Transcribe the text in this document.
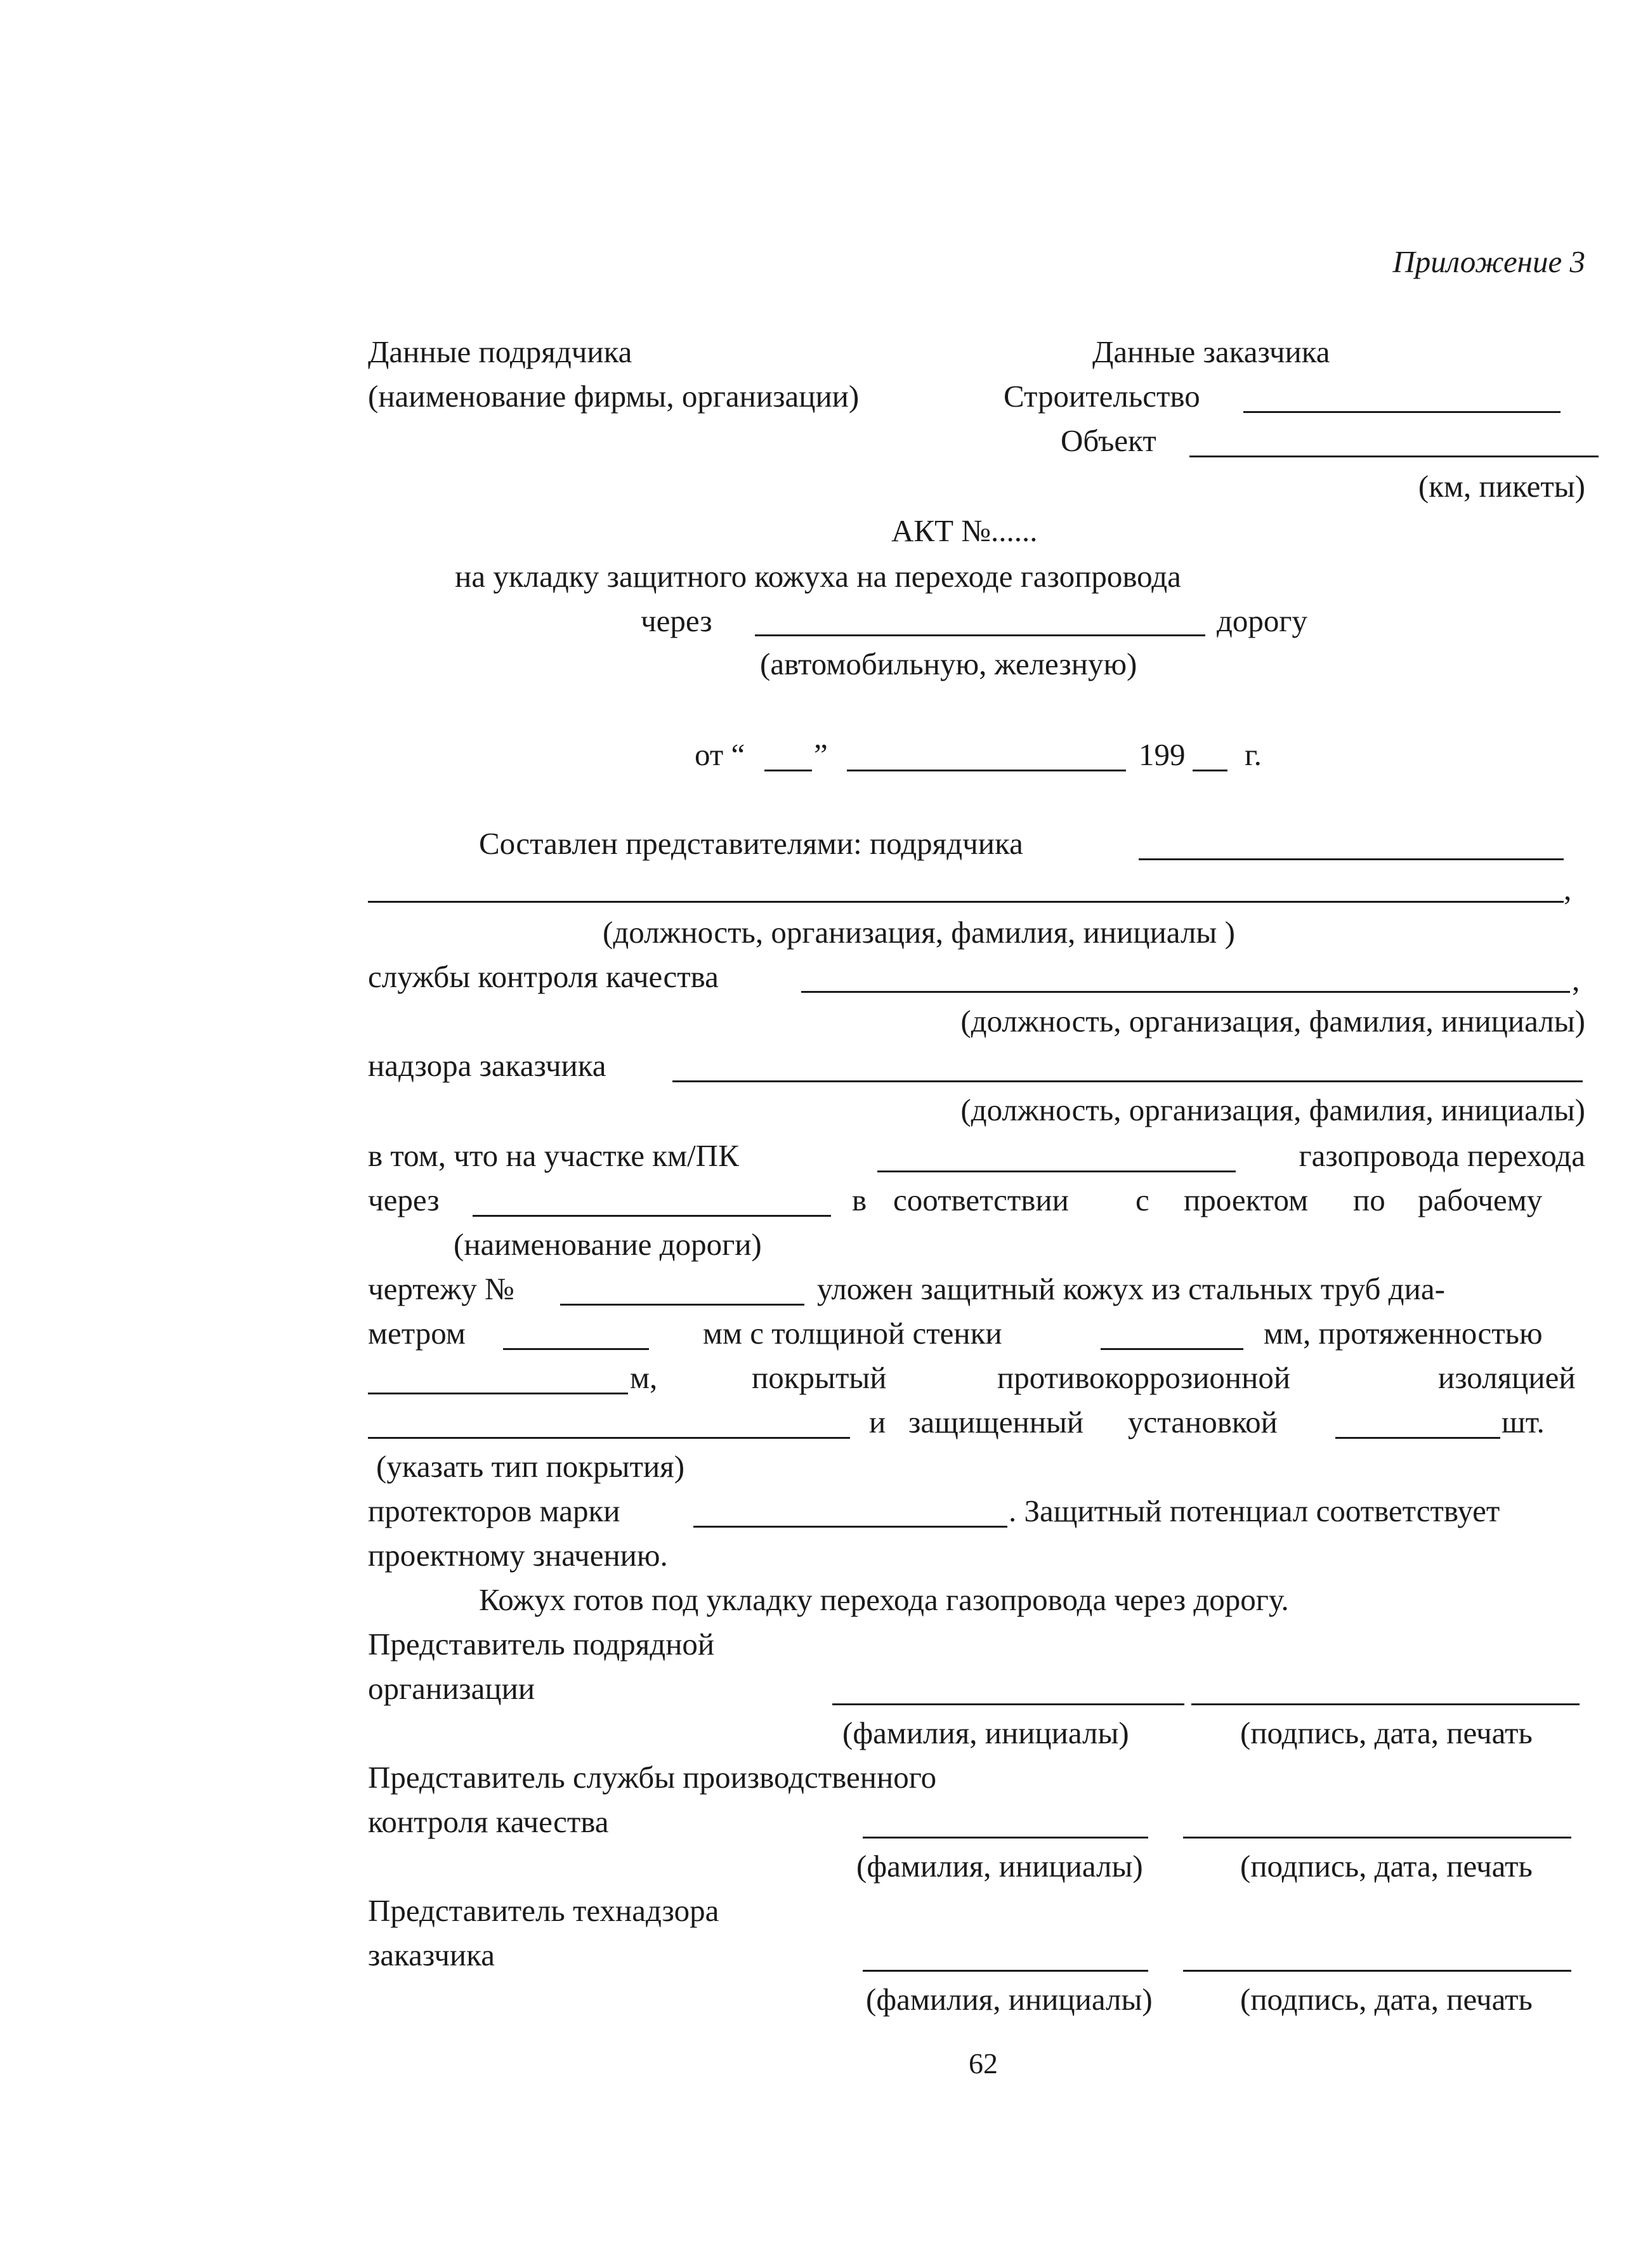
Приложение 3
Данные подрядчика
(наименование фирмы, организации)
Данные заказчика
Строительство
Объект
(км, пикеты)
АКТ №......
на укладку защитного кожуха на переходе газопровода
через	дорогу
(автомобильную, железную)
от “ ”	199 г.
Составлен представителями: подрядчика
,
(должность, организация, фамилия, инициалы )
службы контроля качества	,
(должность, организация, фамилия, инициалы)
надзора заказчика
(должность, организация, фамилия, инициалы)
в том, что на участке км/ПК	газопровода перехода
через	в соответствии с проектом по рабочему
(наименование дороги)
чертежу №	уложен защитный кожух из стальных труб диа-
метром	мм с толщиной стенки	мм, протяженностью
м,	покрытый	противокоррозионной	изоляцией
и защищенный установкой	шт.
(указать тип покрытия)
протекторов марки	. Защитный потенциал соответствует
проектному значению.
Кожух готов под укладку перехода газопровода через дорогу.
Представитель подрядной
организации
(фамилия, инициалы)	(подпись, дата, печать
Представитель службы производственного
контроля качества
(фамилия, инициалы)	(подпись, дата, печать
Представитель технадзора
заказчика
(фамилия, инициалы)	(подпись, дата, печать
62
